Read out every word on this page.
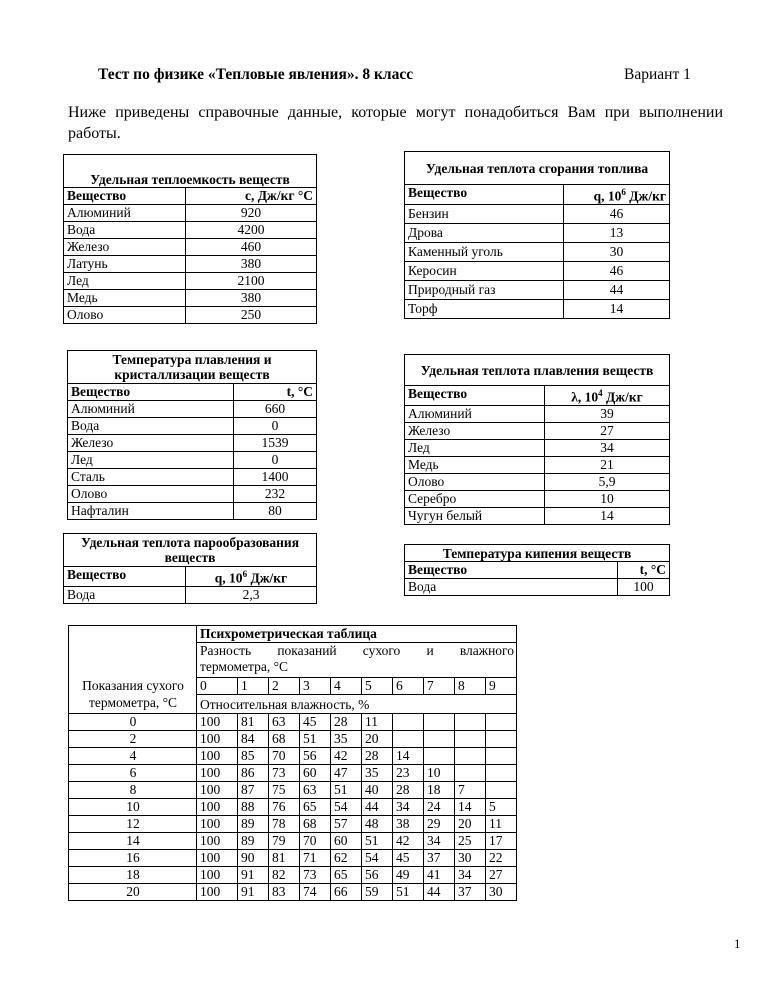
Тест по физике «Тепловые явления». 8 класс	Вариант 1
Ниже приведены справочные данные, которые могут понадобиться Вам при выполнении работы.
Удельная теплоемкость веществ	
Вещество	c, Дж/кг °С
Алюминий	920
Вода	4200
Железо	460
Латунь	380
Лед	2100
Медь	380
Олово	250
Удельная теплота сгорания топлива	
Вещество	q, $10^6$ Дж/кг
Бензин	46
Дрова	13
Каменный уголь	30
Керосин	46
Природный газ	44
Торф	14
Температура плавления и кристаллизации веществ	
Вещество	t, °С
Алюминий	660
Вода	0
Железо	1539
Лед	0
Сталь	1400
Олово	232
Нафталин	80
Удельная теплота плавления веществ	
Вещество	λ, $10^4$ Дж/кг
Алюминий	39
Железо	27
Лед	34
Медь	21
Олово	5,9
Серебро	10
Чугун белый	14
Удельная теплота парообразования веществ	
Вещество	q, $10^6$ Дж/кг
Вода	2,3
Температура кипения веществ	
Вещество	t, °С
Вода	100
Показания сухого термометра, °С	Психрометрическая таблица									
	Разность показаний сухого и влажного
термометра, °С									

	0	1	2	3	4	5	6	7	8	9
	Относительная влажность, %									
0	100	81	63	45	28	11				
2	100	84	68	51	35	20				
4	100	85	70	56	42	28	14			
6	100	86	73	60	47	35	23	10		
8	100	87	75	63	51	40	28	18	7	
10	100	88	76	65	54	44	34	24	14	5
12	100	89	78	68	57	48	38	29	20	11
14	100	89	79	70	60	51	42	34	25	17
16	100	90	81	71	62	54	45	37	30	22
18	100	91	82	73	65	56	49	41	34	27
20	100	91	83	74	66	59	51	44	37	30
1
